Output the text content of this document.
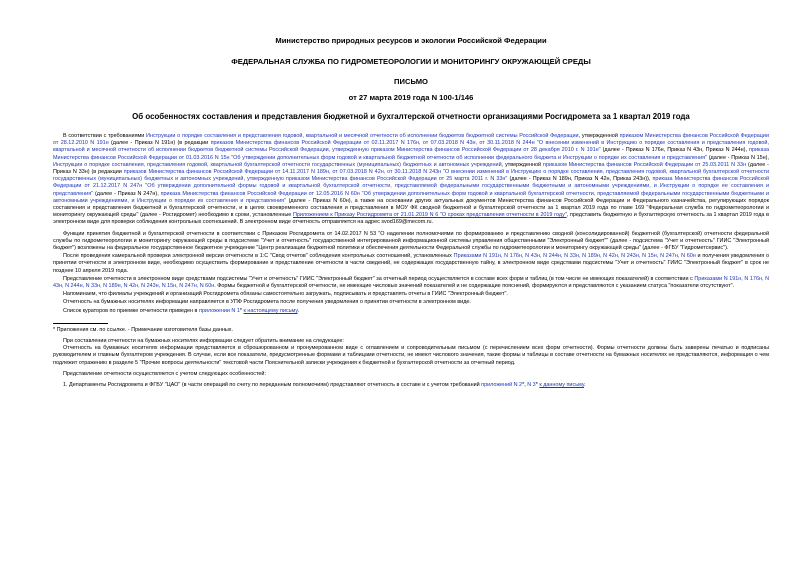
Министерство природных ресурсов и экологии Российской Федерации
ФЕДЕРАЛЬНАЯ СЛУЖБА ПО ГИДРОМЕТЕОРОЛОГИИ И МОНИТОРИНГУ ОКРУЖАЮЩЕЙ СРЕДЫ
ПИСЬМО
от 27 марта 2019 года N 100-1/146
Об особенностях составления и представления бюджетной и бухгалтерской отчетности организациями Росгидромета за 1 квартал 2019 года

В соответствии с требованиями Инструкции о порядке составления и представления годовой, квартальной и месячной отчетности об исполнении бюджетов бюджетной системы Российской Федерации, утвержденной приказом Министерства финансов Российской Федерации от 28.12.2010 N 191н (далее - Приказ N 191н) (в редакции приказов Министерства финансов Российской Федерации от 02.11.2017 N 176н, от 07.03.2018 N 43н, от 30.11.2018 N 244н "О внесении изменений в Инструкцию о порядке составления и представления годовой, квартальной и месячной отчетности об исполнении бюджетов бюджетной системы Российской Федерации, утвержденную приказом Министерства финансов Российской Федерации от 28 декабря 2010 г. N 191н" (далее - Приказ N 176н, Приказ N 43н, Приказ N 244н), приказа Министерства финансов Российской Федерации от 01.03.2016 N 15н "Об утверждении дополнительных форм годовой и квартальной бюджетной отчетности об исполнении федерального бюджета и Инструкции о порядке их составления и представления" (далее - Приказ N 15н), Инструкции о порядке составления, представления годовой, квартальной бухгалтерской отчетности государственных (муниципальных) бюджетных и автономных учреждений, утвержденной приказом Министерства финансов Российской Федерации от 25.03.2011 N 33н (далее - Приказ N 33н) (в редакции приказов Министерства финансов Российской Федерации от 14.11.2017 N 189н, от 07.03.2018 N 42н, от 30.11.2018 N 243н "О внесении изменений в Инструкцию о порядке составления, представления годовой, квартальной бухгалтерской отчетности государственных (муниципальных) бюджетных и автономных учреждений, утвержденную приказом Министерства финансов Российской Федерации от 25 марта 2011 г. N 33н" (далее - Приказ N 189н, Приказ N 42н, Приказ 243н)), приказа Министерства финансов Российской Федерации от 21.12.2017 N 247н "Об утверждении дополнительной формы годовой и квартальной бухгалтерской отчетности, представляемой федеральными государственными бюджетными и автономными учреждениями, и Инструкции о порядке ее составления и представления" (далее - Приказ N 247н), приказа Министерства финансов Российской Федерации от 12.05.2016 N 60н "Об утверждении дополнительных форм годовой и квартальной бухгалтерской отчетности, представляемой федеральными государственными бюджетными и автономными учреждениями, и Инструкции о порядке их составления и представления" (далее - Приказ N 60н), а также на основании других актуальных документов Министерства финансов Российской Федерации и Федерального казначейства, регулирующих порядок составления и представления бюджетной и бухгалтерской отчетности, и в целях своевременного составления и представления в МОУ ФК сводной бюджетной и бухгалтерской отчетности за 1 квартал 2019 года по главе 169 "Федеральная служба по гидрометеорологии и мониторингу окружающей среды" (далее - Росгидромет) необходимо в сроки, установленные Приложением к Приказу Росгидромета от 21.01.2019 N 6 "О сроках представления отчетности в 2019 году", представить бюджетную и бухгалтерскую отчетность за 1 квартал 2019 года в электронном виде для проверки соблюдения контрольных соотношений. В электронном виде отчетность отправляется на адрес svod169@mecom.ru.

Функции принятия бюджетной и бухгалтерской отчетности в соответствии с Приказом Росгидромета от 14.02.2017 N 53 "О наделении полномочиями по формированию и представлению сводной (консолидированной) бюджетной (бухгалтерской) отчетности федеральной службы по гидрометеорологии и мониторингу окружающей среды в подсистеме "Учет и отчетность" государственной интегрированной информационной системы управления общественными "Электронный бюджет"" (далее - подсистема "Учет и отчетность" ГИИС "Электронный бюджет") возложены на федеральное государственное бюджетное учреждение "Центр реализации бюджетной политики и обеспечения деятельности Федеральной службы по гидрометеорологии и мониторингу окружающей среды" (далее - ФГБУ "Гидрометсервис").

После проведения камеральной проверки электронной версии отчетности в 1:С "Свод отчетов" соблюдения контрольных соотношений, установленных Приказами N 191н, N 176н, N 43н, N 244н, N 33н, N 189н, N 42н, N 243н, N 15н, N 247н, N 60н и получения уведомления о принятии отчетности в электронном виде, необходимо осуществить формирование и представление отчетности в части сведений, не содержащих государственную тайну, в электронном виде средствами подсистемы "Учет и отчетность" ГИИС "Электронный бюджет" в срок не позднее 10 апреля 2019 года.

Представление отчетности в электронном виде средствами подсистемы "Учет и отчетность" ГИИС "Электронный бюджет" за отчетный период осуществляется в составе всех форм и таблиц (в том числе не имеющих показателей) в соответствии с Приказами N 191н, N 176н, N 43н, N 244н, N 33н, N 189н, N 42н, N 243н, N 15н, N 247н, N 60н. Формы бюджетной и бухгалтерской отчетности, не имеющие числовых значений показателей и не содержащие пояснений, формируются и представляются с указанием статуса "показатели отсутствуют".

Напоминаем, что филиалы учреждений и организаций Росгидромета обязаны самостоятельно загружать, подписывать и представлять отчеты в ГИИС "Электронный бюджет".

Отчетность на бумажных носителях информации направляется в УПФ Росгидромета после получения уведомления о принятии отчетности в электронном виде.

Список кураторов по приемке отчетности приведен в приложении N 1* к настоящему письму.

* Приложения см. по ссылке. - Примечание изготовителя базы данных.
При составлении отчетности на бумажных носителях информации следует обратить внимание на следующее:
Отчетность на бумажных носителях информации представляется в сброшюрованном и пронумерованном виде с оглавлением и сопроводительным письмом (с перечислением всех форм отчетности). Формы отчетности должны быть заверены печатью и подписаны руководителем и главным бухгалтером учреждения. В случае, если все показатели, предусмотренные формами и таблицами отчетности, не имеют числового значения, такие формы и таблицы в составе отчетности на бумажных носителях не представляются, информация о чем подлежит отражению в разделе 5 "Прочие вопросы деятельности" текстовой части Пояснительной записки учреждения к бюджетной и бухгалтерской отчетности за отчетный период.
Представление отчетности осуществляется с учетом следующих особенностей:
1. Департаменты Росгидромета и ФГБУ "ЦАО" (в части операций по счету по переданным полномочиям) представляют отчетность в составе и с учетом требований приложений N 2*, N 3* к данному письму.
